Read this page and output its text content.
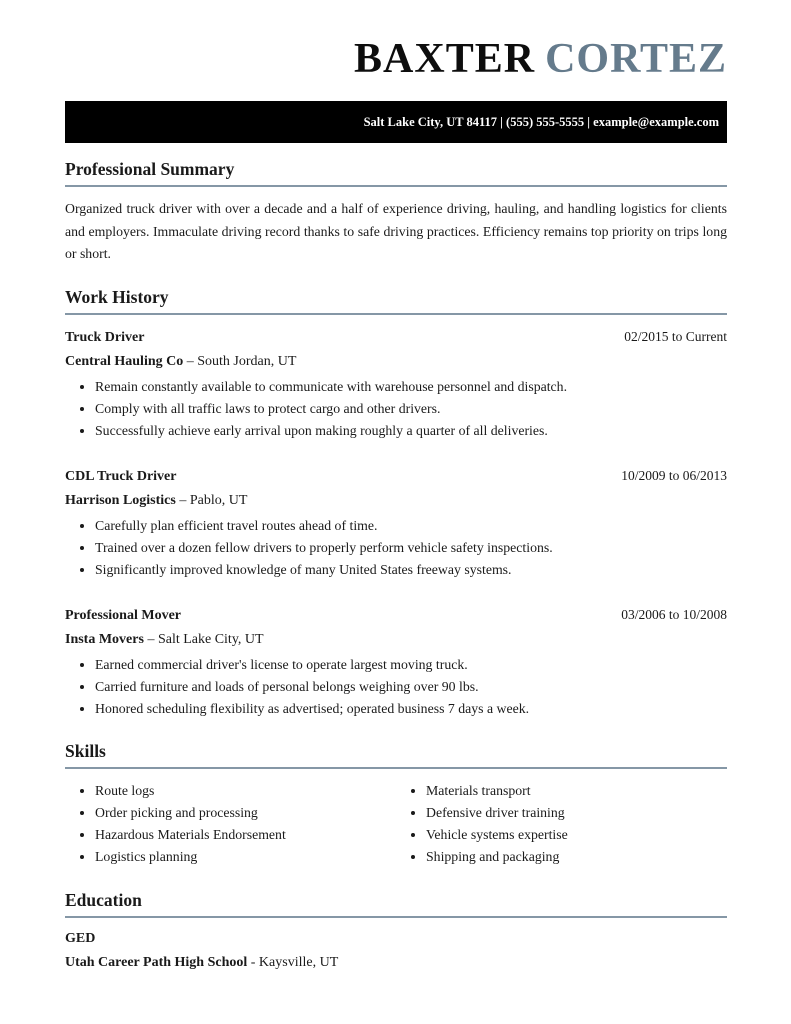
BAXTER CORTEZ
Salt Lake City, UT 84117 | (555) 555-5555 | example@example.com
Professional Summary

Organized truck driver with over a decade and a half of experience driving, hauling, and handling logistics for clients and employers. Immaculate driving record thanks to safe driving practices. Efficiency remains top priority on trips long or short.

Work History
Truck Driver	02/2015 to Current
Central Hauling Co – South Jordan, UT
• Remain constantly available to communicate with warehouse personnel and dispatch.
• Comply with all traffic laws to protect cargo and other drivers.
• Successfully achieve early arrival upon making roughly a quarter of all deliveries.
CDL Truck Driver	10/2009 to 06/2013
Harrison Logistics – Pablo, UT
• Carefully plan efficient travel routes ahead of time.
• Trained over a dozen fellow drivers to properly perform vehicle safety inspections.
• Significantly improved knowledge of many United States freeway systems.
Professional Mover	03/2006 to 10/2008
Insta Movers – Salt Lake City, UT
• Earned commercial driver's license to operate largest moving truck.
• Carried furniture and loads of personal belongs weighing over 90 lbs.
• Honored scheduling flexibility as advertised; operated business 7 days a week.
Skills
• Route logs
• Order picking and processing
• Hazardous Materials Endorsement
• Logistics planning
• Materials transport
• Defensive driver training
• Vehicle systems expertise
• Shipping and packaging
Education
GED
Utah Career Path High School - Kaysville, UT
